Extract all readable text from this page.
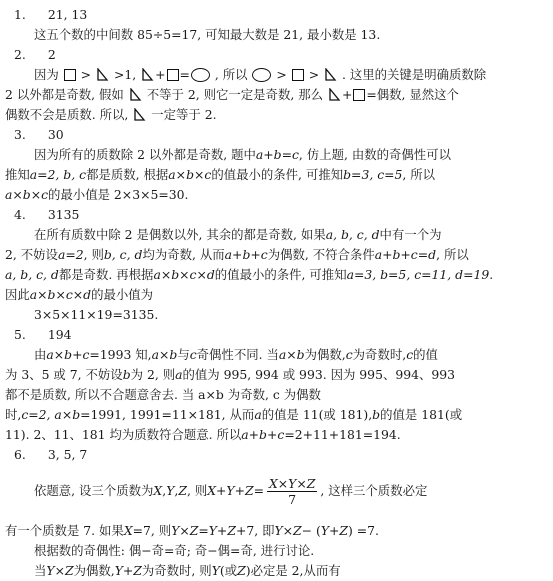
1. 21, 13
这五个数的中间数 85÷5=17, 可知最大数是 21, 最小数是 13.
2. 2
因为  >  >1, + = , 所以  >  >  . 这里的关键是明确质数除
2 以外都是奇数, 假如 不等于 2, 则它一定是奇数, 那么 + =偶数, 显然这个
偶数不会是质数. 所以, 一定等于 2.
3. 30
因为所有的质数除 2 以外都是奇数, 题中a+b=c, 仿上题, 由数的奇偶性可以
推知a=2, b, c都是质数, 根据a×b×c的值最小的条件, 可推知b=3, c=5, 所以
a×b×c的最小值是 2×3×5=30.
4. 3135
在所有质数中除 2 是偶数以外, 其余的都是奇数, 如果a, b, c, d中有一个为
2, 不妨设a=2, 则b, c, d均为奇数, 从而a+b+c为偶数, 不符合条件a+b+c=d, 所以
a, b, c, d都是奇数. 再根据a×b×c×d的值最小的条件, 可推知a=3, b=5, c=11, d=19.
因此a×b×c×d的最小值为
3×5×11×19=3135.
5. 194
由a×b+c=1993 知,a×b与c奇偶性不同. 当a×b为偶数,c为奇数时,c的值
为 3、5 或 7, 不妨设b为 2, 则a的值为 995, 994 或 993. 因为 995、994、993
都不是质数, 所以不合题意舍去. 当 a×b 为奇数, c 为偶数
时,c=2, a×b=1991, 1991=11×181, 从而a的值是 11(或 181),b的值是 181(或
11). 2、11、181 均为质数符合题意. 所以a+b+c=2+11+181=194.
6. 3, 5, 7
依题意, 设三个质数为X,Y,Z, 则$X+Y+Z= \frac{X\times Y\times Z}{7}$ , 这样三个质数必定
有一个质数是 7. 如果X=7, 则Y×Z=Y+Z+7, 即Y×Z− (Y+Z) =7.
根据数的奇偶性: 偶−奇=奇; 奇−偶=奇, 进行讨论.
当Y×Z为偶数,Y+Z为奇数时, 则Y(或Z)必定是 2,从而有
